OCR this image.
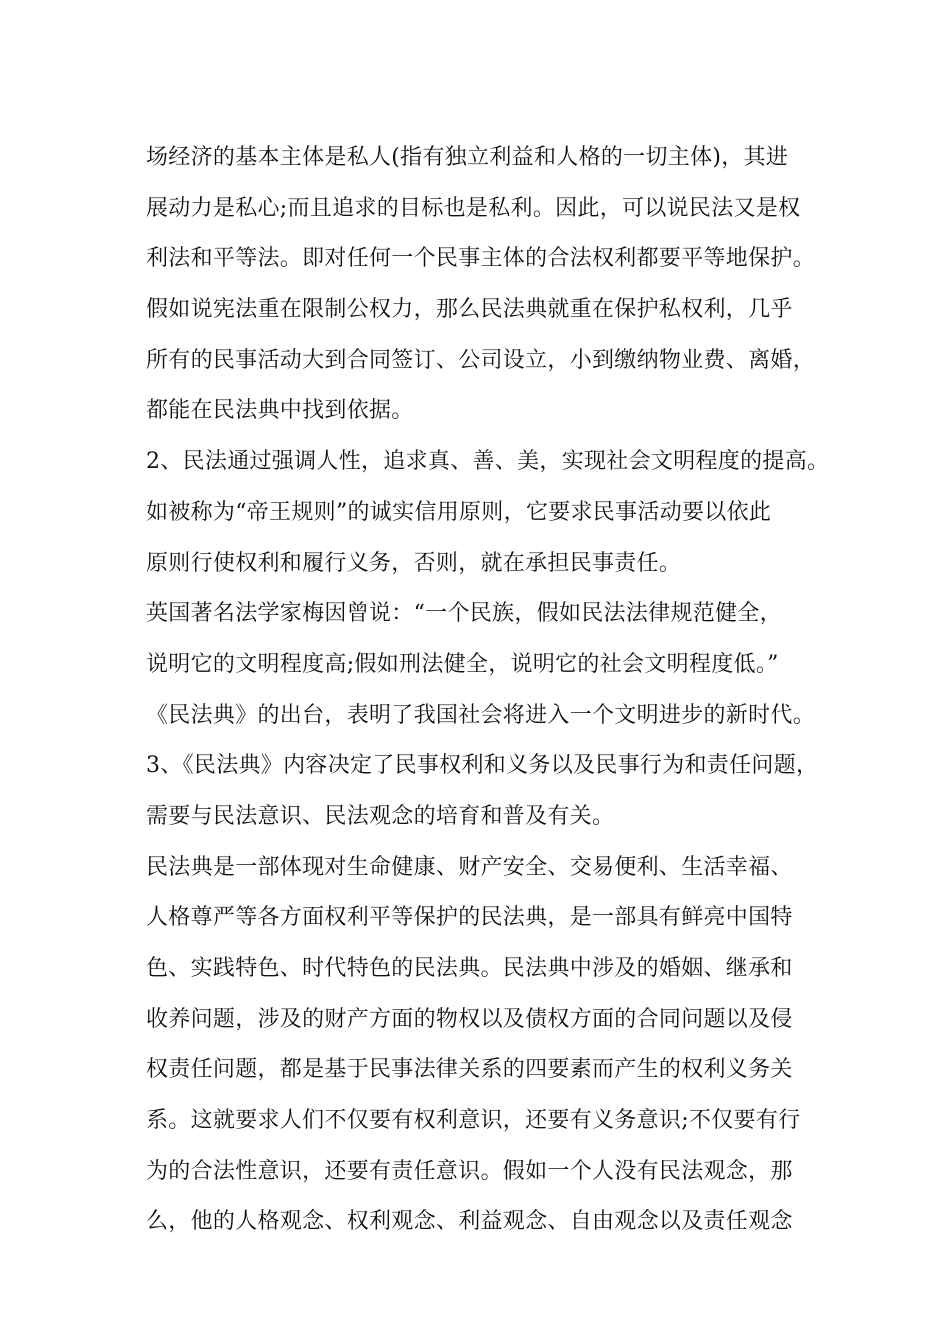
场经济的基本主体是私人(指有独立利益和人格的一切主体)，其进
展动力是私心;而且追求的目标也是私利。因此，可以说民法又是权
利法和平等法。即对任何一个民事主体的合法权利都要平等地保护。
假如说宪法重在限制公权力，那么民法典就重在保护私权利，几乎
所有的民事活动大到合同签订、公司设立，小到缴纳物业费、离婚，
都能在民法典中找到依据。
2、民法通过强调人性，追求真、善、美，实现社会文明程度的提高。
如被称为“帝王规则”的诚实信用原则，它要求民事活动要以依此
原则行使权利和履行义务，否则，就在承担民事责任。
英国著名法学家梅因曾说：“一个民族，假如民法法律规范健全，
说明它的文明程度高;假如刑法健全，说明它的社会文明程度低。”
《民法典》的出台，表明了我国社会将进入一个文明进步的新时代。
3、《民法典》内容决定了民事权利和义务以及民事行为和责任问题，
需要与民法意识、民法观念的培育和普及有关。
民法典是一部体现对生命健康、财产安全、交易便利、生活幸福、
人格尊严等各方面权利平等保护的民法典，是一部具有鲜亮中国特
色、实践特色、时代特色的民法典。民法典中涉及的婚姻、继承和
收养问题，涉及的财产方面的物权以及债权方面的合同问题以及侵
权责任问题，都是基于民事法律关系的四要素而产生的权利义务关
系。这就要求人们不仅要有权利意识，还要有义务意识;不仅要有行
为的合法性意识，还要有责任意识。假如一个人没有民法观念，那
么，他的人格观念、权利观念、利益观念、自由观念以及责任观念
